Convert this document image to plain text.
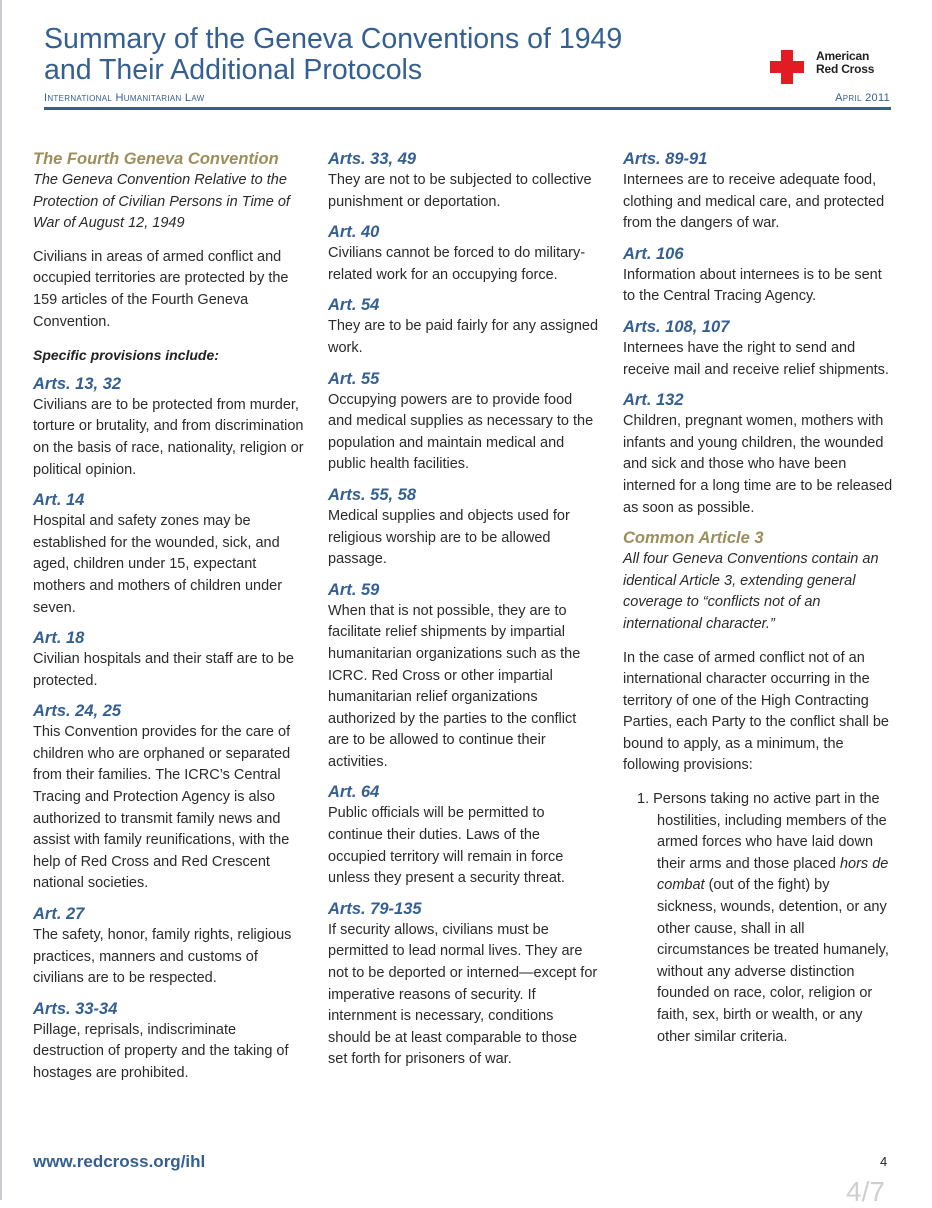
Summary of the Geneva Conventions of 1949
and Their Additional Protocols
International Humanitarian Law	April 2011
American
Red Cross
The Fourth Geneva Convention
The Geneva Convention Relative to the Protection of Civilian Persons in Time of War of August 12, 1949
Civilians in areas of armed conflict and occupied territories are protected by the 159 articles of the Fourth Geneva Convention.
Specific provisions include:
Arts. 13, 32
Civilians are to be protected from murder, torture or brutality, and from discrimination on the basis of race, nationality, religion or political opinion.
Art. 14
Hospital and safety zones may be established for the wounded, sick, and aged, children under 15, expectant mothers and mothers of children under seven.
Art. 18
Civilian hospitals and their staff are to be protected.
Arts. 24, 25
This Convention provides for the care of children who are orphaned or separated from their families. The ICRC’s Central Tracing and Protection Agency is also authorized to transmit family news and assist with family reunifications, with the help of Red Cross and Red Crescent national societies.
Art. 27
The safety, honor, family rights, religious practices, manners and customs of civilians are to be respected.
Arts. 33-34
Pillage, reprisals, indiscriminate destruction of property and the taking of hostages are prohibited.
Arts. 33, 49
They are not to be subjected to collective punishment or deportation.
Art. 40
Civilians cannot be forced to do military-related work for an occupying force.
Art. 54
They are to be paid fairly for any assigned work.
Art. 55
Occupying powers are to provide food and medical supplies as necessary to the population and maintain medical and public health facilities.
Arts. 55, 58
Medical supplies and objects used for religious worship are to be allowed passage.
Art. 59
When that is not possible, they are to facilitate relief shipments by impartial humanitarian organizations such as the ICRC. Red Cross or other impartial humanitarian relief organizations authorized by the parties to the conflict are to be allowed to continue their activities.
Art. 64
Public officials will be permitted to continue their duties. Laws of the occupied territory will remain in force unless they present a security threat.
Arts. 79-135
If security allows, civilians must be permitted to lead normal lives. They are not to be deported or interned—except for imperative reasons of security. If internment is necessary, conditions should be at least comparable to those set forth for prisoners of war.
Arts. 89-91
Internees are to receive adequate food, clothing and medical care, and protected from the dangers of war.
Art. 106
Information about internees is to be sent to the Central Tracing Agency.
Arts. 108, 107
Internees have the right to send and receive mail and receive relief shipments.
Art. 132
Children, pregnant women, mothers with infants and young children, the wounded and sick and those who have been interned for a long time are to be released as soon as possible.
Common Article 3
All four Geneva Conventions contain an identical Article 3, extending general coverage to “conflicts not of an international character.”
In the case of armed conflict not of an international character occurring in the territory of one of the High Contracting Parties, each Party to the conflict shall be bound to apply, as a minimum, the following provisions:
1. Persons taking no active part in the hostilities, including members of the armed forces who have laid down their arms and those placed hors de combat (out of the fight) by sickness, wounds, detention, or any other cause, shall in all circumstances be treated humanely, without any adverse distinction founded on race, color, religion or faith, sex, birth or wealth, or any other similar criteria.
www.redcross.org/ihl	4
4/7
